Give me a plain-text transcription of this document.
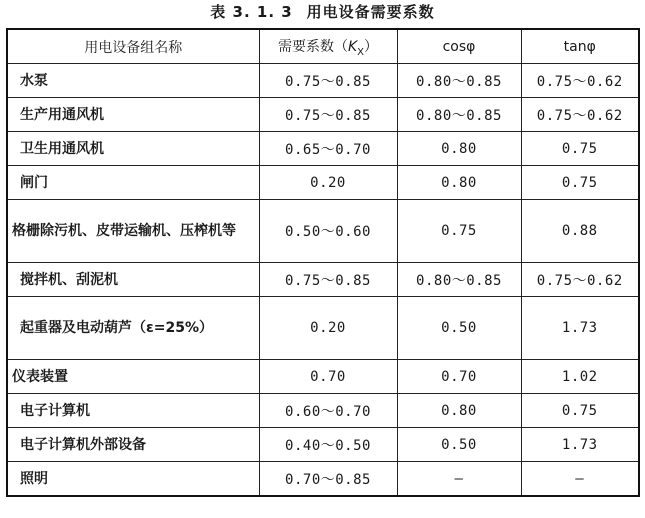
表 3. 1. 3 用电设备需要系数
用电设备组名称	需要系数$(K_X)$	cosφ	tanφ
水泵	0.75～0.85	0.80～0.85	0.75～0.62
生产用通风机	0.75～0.85	0.80～0.85	0.75～0.62
卫生用通风机	0.65～0.70	0.80	0.75
闸门	0.20	0.80	0.75
格栅除污机、皮带运输机、压榨机等	0.50～0.60	0.75	0.88
搅拌机、刮泥机	0.75～0.85	0.80～0.85	0.75～0.62
起重器及电动葫芦（ε=25%）	0.20	0.50	1.73
仪表装置	0.70	0.70	1.02
电子计算机	0.60～0.70	0.80	0.75
电子计算机外部设备	0.40～0.50	0.50	1.73
照明	0.70～0.85	—	—
